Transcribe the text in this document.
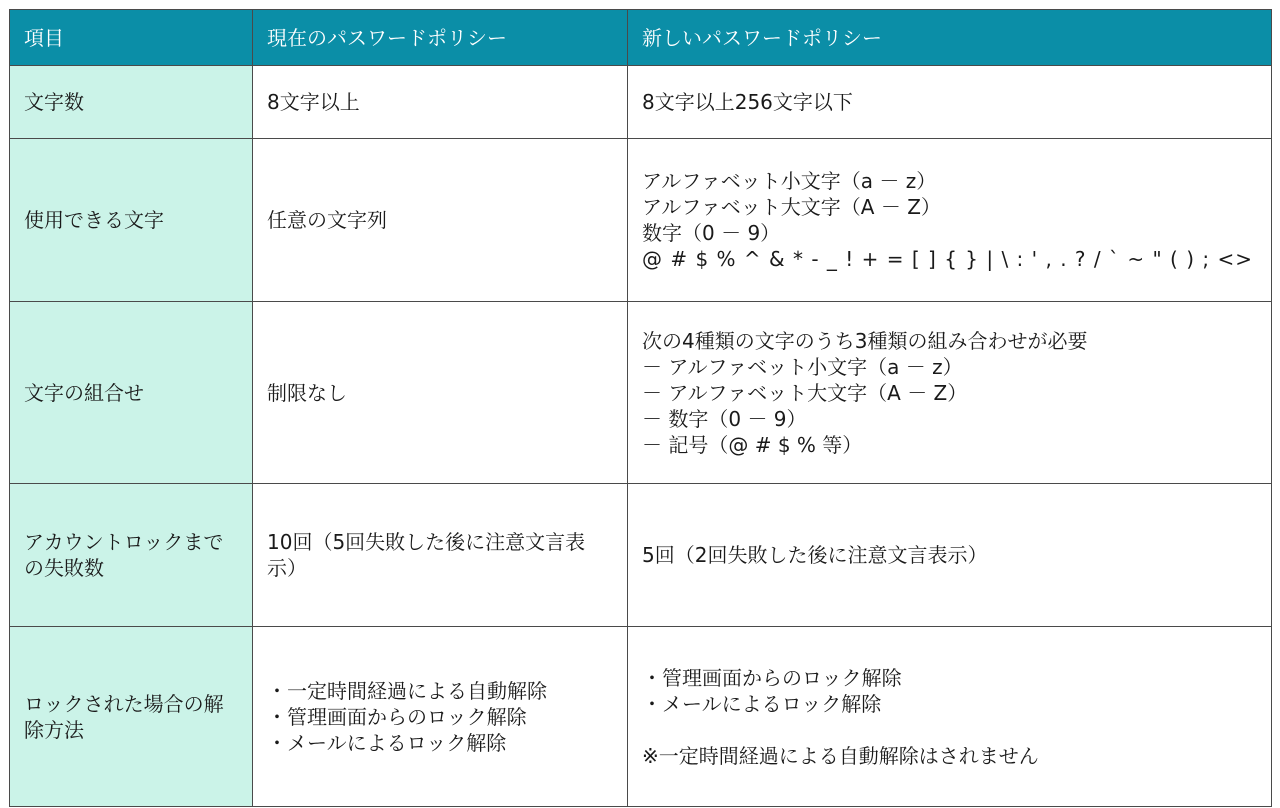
項目	現在のパスワードポリシー	新しいパスワードポリシー
文字数	8文字以上	8文字以上256文字以下

使用できる文字	任意の文字列	アルファベット小文字（a － z）
アルファベット大文字（A － Z）
数字（0 － 9）
@ # $ % ^ & * - _ ! + = [ ] { } | \ : ' , . ? / ` ~ " ( ) ; <>

文字の組合せ	制限なし	次の4種類の文字のうち3種類の組み合わせが必要
－ アルファベット小文字（a － z）
－ アルファベット大文字（A － Z）
－ 数字（0 － 9）
－ 記号（@ # $ % 等）

アカウントロックまでの失敗数	10回（5回失敗した後に注意文言表示）	5回（2回失敗した後に注意文言表示）

ロックされた場合の解除方法	・一定時間経過による自動解除
・管理画面からのロック解除
・メールによるロック解除	・管理画面からのロック解除
・メールによるロック解除
※一定時間経過による自動解除はされません
